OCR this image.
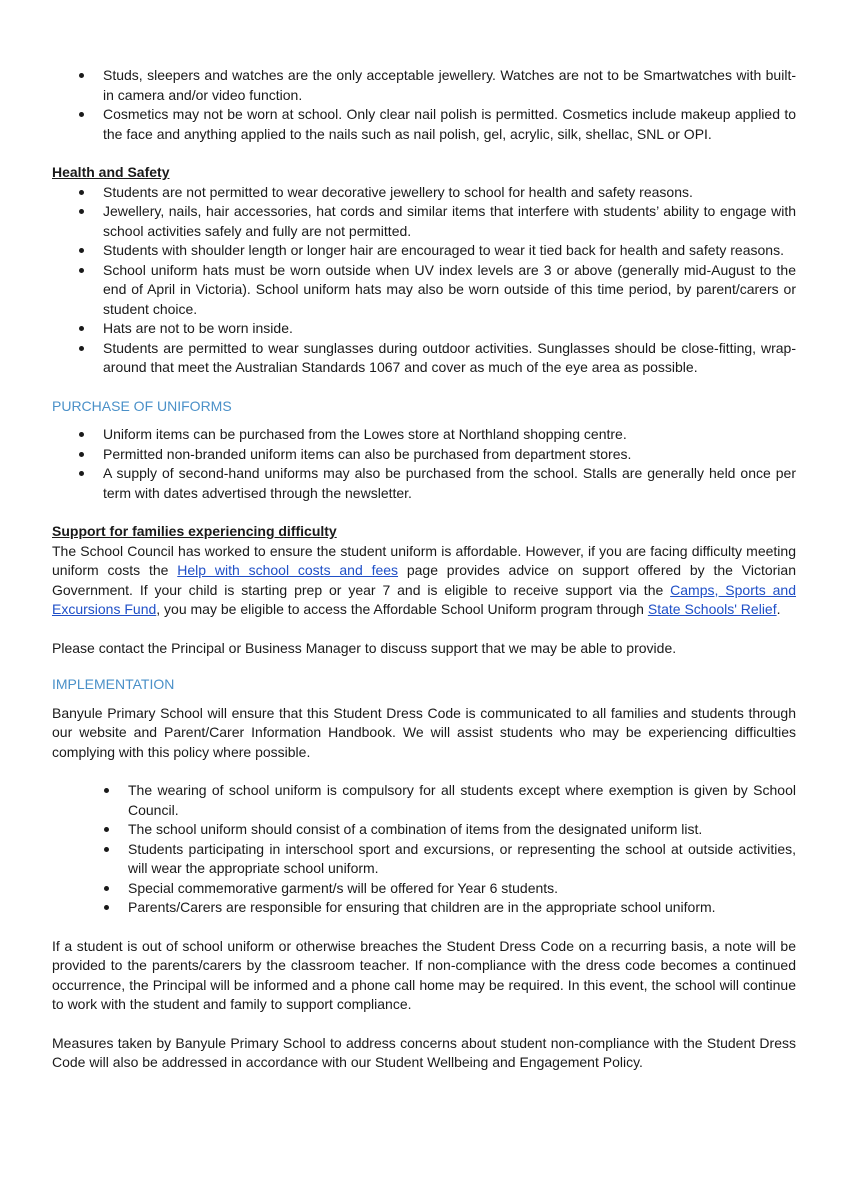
Studs, sleepers and watches are the only acceptable jewellery. Watches are not to be Smartwatches with built-in camera and/or video function.
Cosmetics may not be worn at school. Only clear nail polish is permitted. Cosmetics include makeup applied to the face and anything applied to the nails such as nail polish, gel, acrylic, silk, shellac, SNL or OPI.
Health and Safety
Students are not permitted to wear decorative jewellery to school for health and safety reasons.
Jewellery, nails, hair accessories, hat cords and similar items that interfere with students’ ability to engage with school activities safely and fully are not permitted.
Students with shoulder length or longer hair are encouraged to wear it tied back for health and safety reasons.
School uniform hats must be worn outside when UV index levels are 3 or above (generally mid-August to the end of April in Victoria). School uniform hats may also be worn outside of this time period, by parent/carers or student choice.
Hats are not to be worn inside.
Students are permitted to wear sunglasses during outdoor activities. Sunglasses should be close-fitting, wrap-around that meet the Australian Standards 1067 and cover as much of the eye area as possible.
PURCHASE OF UNIFORMS
Uniform items can be purchased from the Lowes store at Northland shopping centre.
Permitted non-branded uniform items can also be purchased from department stores.
A supply of second-hand uniforms may also be purchased from the school. Stalls are generally held once per term with dates advertised through the newsletter.
Support for families experiencing difficulty

The School Council has worked to ensure the student uniform is affordable. However, if you are facing difficulty meeting uniform costs the Help with school costs and fees page provides advice on support offered by the Victorian Government. If your child is starting prep or year 7 and is eligible to receive support via the Camps, Sports and Excursions Fund, you may be eligible to access the Affordable School Uniform program through State Schools' Relief.

Please contact the Principal or Business Manager to discuss support that we may be able to provide.

IMPLEMENTATION

Banyule Primary School will ensure that this Student Dress Code is communicated to all families and students through our website and Parent/Carer Information Handbook. We will assist students who may be experiencing difficulties complying with this policy where possible.

The wearing of school uniform is compulsory for all students except where exemption is given by School Council.
The school uniform should consist of a combination of items from the designated uniform list.
Students participating in interschool sport and excursions, or representing the school at outside activities, will wear the appropriate school uniform.
Special commemorative garment/s will be offered for Year 6 students.
Parents/Carers are responsible for ensuring that children are in the appropriate school uniform.

If a student is out of school uniform or otherwise breaches the Student Dress Code on a recurring basis, a note will be provided to the parents/carers by the classroom teacher. If non-compliance with the dress code becomes a continued occurrence, the Principal will be informed and a phone call home may be required. In this event, the school will continue to work with the student and family to support compliance.

Measures taken by Banyule Primary School to address concerns about student non-compliance with the Student Dress Code will also be addressed in accordance with our Student Wellbeing and Engagement Policy.
